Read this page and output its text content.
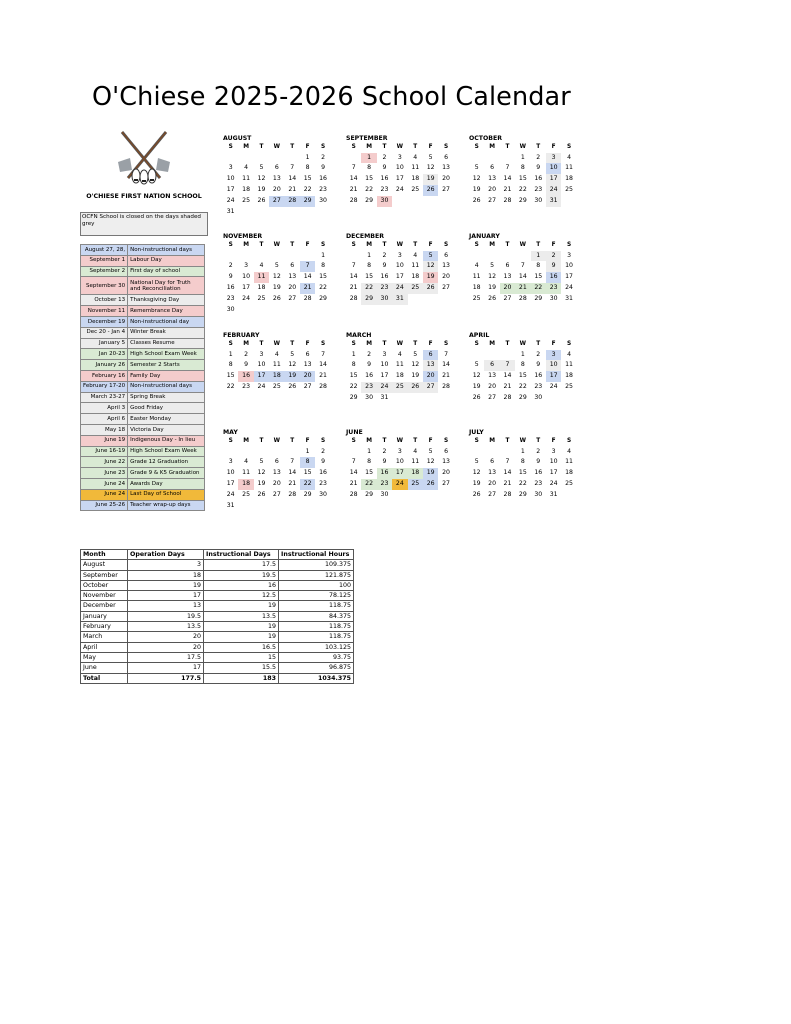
O'Chiese 2025-2026 School Calendar
O'CHIESE FIRST NATION SCHOOL
OCFN School is closed on the days shaded grey
August 27, 28,	Non-instructional days
September 1	Labour Day
September 2	First day of school
September 30	National Day for Truth and Reconciliation
October 13	Thanksgiving Day
November 11	Remembrance Day
December 19	Non-instructional day
Dec 20 - Jan 4	Winter Break
January 5	Classes Resume
Jan 20-23	High School Exam Week
January 26	Semester 2 Starts
February 16	Family Day
February 17-20	Non-instructional days
March 23-27	Spring Break
April 3	Good Friday
April 6	Easter Monday
May 18	Victoria Day
June 19	Indigenous Day - In lieu
June 16-19	High School Exam Week
June 22	Grade 12 Graduation
June 23	Grade 9 & K5 Graduation
June 24	Awards Day
June 24	Last Day of School
June 25-26	Teacher wrap-up days
AUGUST
S	M	T	W	T	F	S
					1	2
3	4	5	6	7	8	9
10	11	12	13	14	15	16
17	18	19	20	21	22	23
24	25	26	27	28	29	30
31						
SEPTEMBER
S	M	T	W	T	F	S
	1	2	3	4	5	6
7	8	9	10	11	12	13
14	15	16	17	18	19	20
21	22	23	24	25	26	27
28	29	30				
OCTOBER
S	M	T	W	T	F	S
			1	2	3	4
5	6	7	8	9	10	11
12	13	14	15	16	17	18
19	20	21	22	23	24	25
26	27	28	29	30	31	
NOVEMBER
S	M	T	W	T	F	S
						1
2	3	4	5	6	7	8
9	10	11	12	13	14	15
16	17	18	19	20	21	22
23	24	25	26	27	28	29
30						
DECEMBER
S	M	T	W	T	F	S
	1	2	3	4	5	6
7	8	9	10	11	12	13
14	15	16	17	18	19	20
21	22	23	24	25	26	27
28	29	30	31			
JANUARY
S	M	T	W	T	F	S
				1	2	3
4	5	6	7	8	9	10
11	12	13	14	15	16	17
18	19	20	21	22	23	24
25	26	27	28	29	30	31
FEBRUARY
S	M	T	W	T	F	S
1	2	3	4	5	6	7
8	9	10	11	12	13	14
15	16	17	18	19	20	21
22	23	24	25	26	27	28
MARCH
S	M	T	W	T	F	S
1	2	3	4	5	6	7
8	9	10	11	12	13	14
15	16	17	18	19	20	21
22	23	24	25	26	27	28
29	30	31				
APRIL
S	M	T	W	T	F	S
			1	2	3	4
5	6	7	8	9	10	11
12	13	14	15	16	17	18
19	20	21	22	23	24	25
26	27	28	29	30		
MAY
S	M	T	W	T	F	S
					1	2
3	4	5	6	7	8	9
10	11	12	13	14	15	16
17	18	19	20	21	22	23
24	25	26	27	28	29	30
31						
JUNE
S	M	T	W	T	F	S
	1	2	3	4	5	6
7	8	9	10	11	12	13
14	15	16	17	18	19	20
21	22	23	24	25	26	27
28	29	30				
JULY
S	M	T	W	T	F	S
			1	2	3	4
5	6	7	8	9	10	11
12	13	14	15	16	17	18
19	20	21	22	23	24	25
26	27	28	29	30	31	
Month	Operation Days	Instructional Days	Instructional Hours
August	3	17.5	109.375
September	18	19.5	121.875
October	19	16	100
November	17	12.5	78.125
December	13	19	118.75
January	19.5	13.5	84.375
February	13.5	19	118.75
March	20	19	118.75
April	20	16.5	103.125
May	17.5	15	93.75
June	17	15.5	96.875
Total	177.5	183	1034.375
